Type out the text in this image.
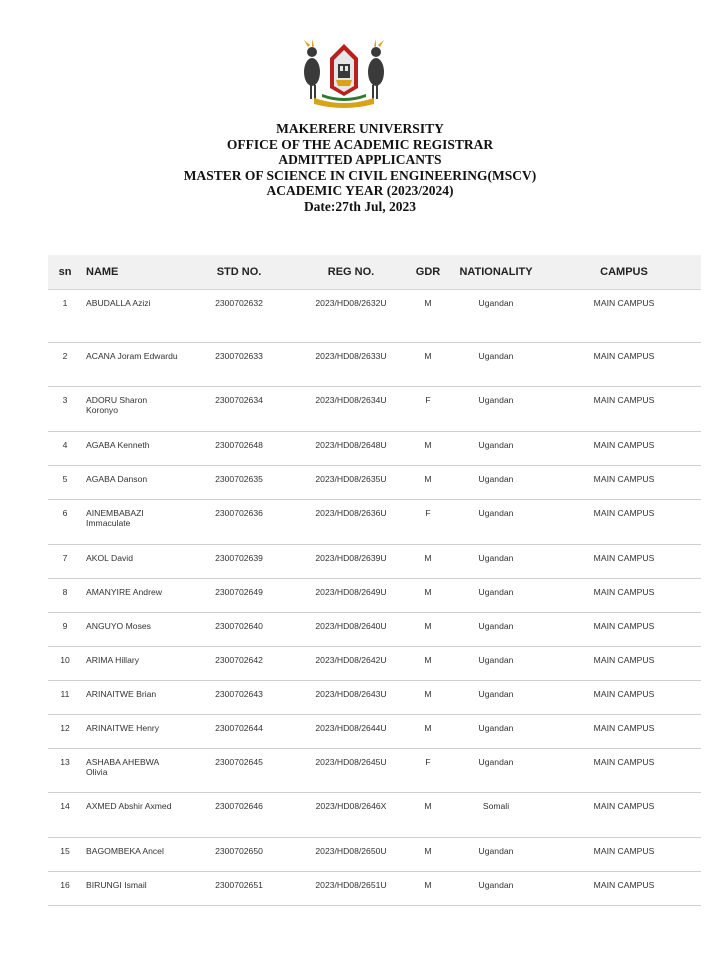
MAKERERE UNIVERSITY
OFFICE OF THE ACADEMIC REGISTRAR
ADMITTED APPLICANTS
MASTER OF SCIENCE IN CIVIL ENGINEERING(MSCV)
ACADEMIC YEAR (2023/2024)
Date:27th Jul, 2023
sn	NAME	STD NO.	REG NO.	GDR	NATIONALITY	CAMPUS

1	ABUDALLA Azizi	2300702632	2023/HD08/2632U	M	Ugandan	MAIN CAMPUS

2	ACANA Joram Edwardu	2300702633	2023/HD08/2633U	M	Ugandan	MAIN CAMPUS

3	ADORU Sharon Koronyo	2300702634	2023/HD08/2634U	F	Ugandan	MAIN CAMPUS

4	AGABA Kenneth	2300702648	2023/HD08/2648U	M	Ugandan	MAIN CAMPUS

5	AGABA Danson	2300702635	2023/HD08/2635U	M	Ugandan	MAIN CAMPUS

6	AINEMBABAZI Immaculate	2300702636	2023/HD08/2636U	F	Ugandan	MAIN CAMPUS

7	AKOL David	2300702639	2023/HD08/2639U	M	Ugandan	MAIN CAMPUS

8	AMANYIRE Andrew	2300702649	2023/HD08/2649U	M	Ugandan	MAIN CAMPUS

9	ANGUYO Moses	2300702640	2023/HD08/2640U	M	Ugandan	MAIN CAMPUS

10	ARIMA Hillary	2300702642	2023/HD08/2642U	M	Ugandan	MAIN CAMPUS

11	ARINAITWE Brian	2300702643	2023/HD08/2643U	M	Ugandan	MAIN CAMPUS

12	ARINAITWE Henry	2300702644	2023/HD08/2644U	M	Ugandan	MAIN CAMPUS

13	ASHABA AHEBWA Olivia	2300702645	2023/HD08/2645U	F	Ugandan	MAIN CAMPUS

14	AXMED Abshir Axmed	2300702646	2023/HD08/2646X	M	Somali	MAIN CAMPUS

15	BAGOMBEKA Ancel	2300702650	2023/HD08/2650U	M	Ugandan	MAIN CAMPUS

16	BIRUNGI Ismail	2300702651	2023/HD08/2651U	M	Ugandan	MAIN CAMPUS
